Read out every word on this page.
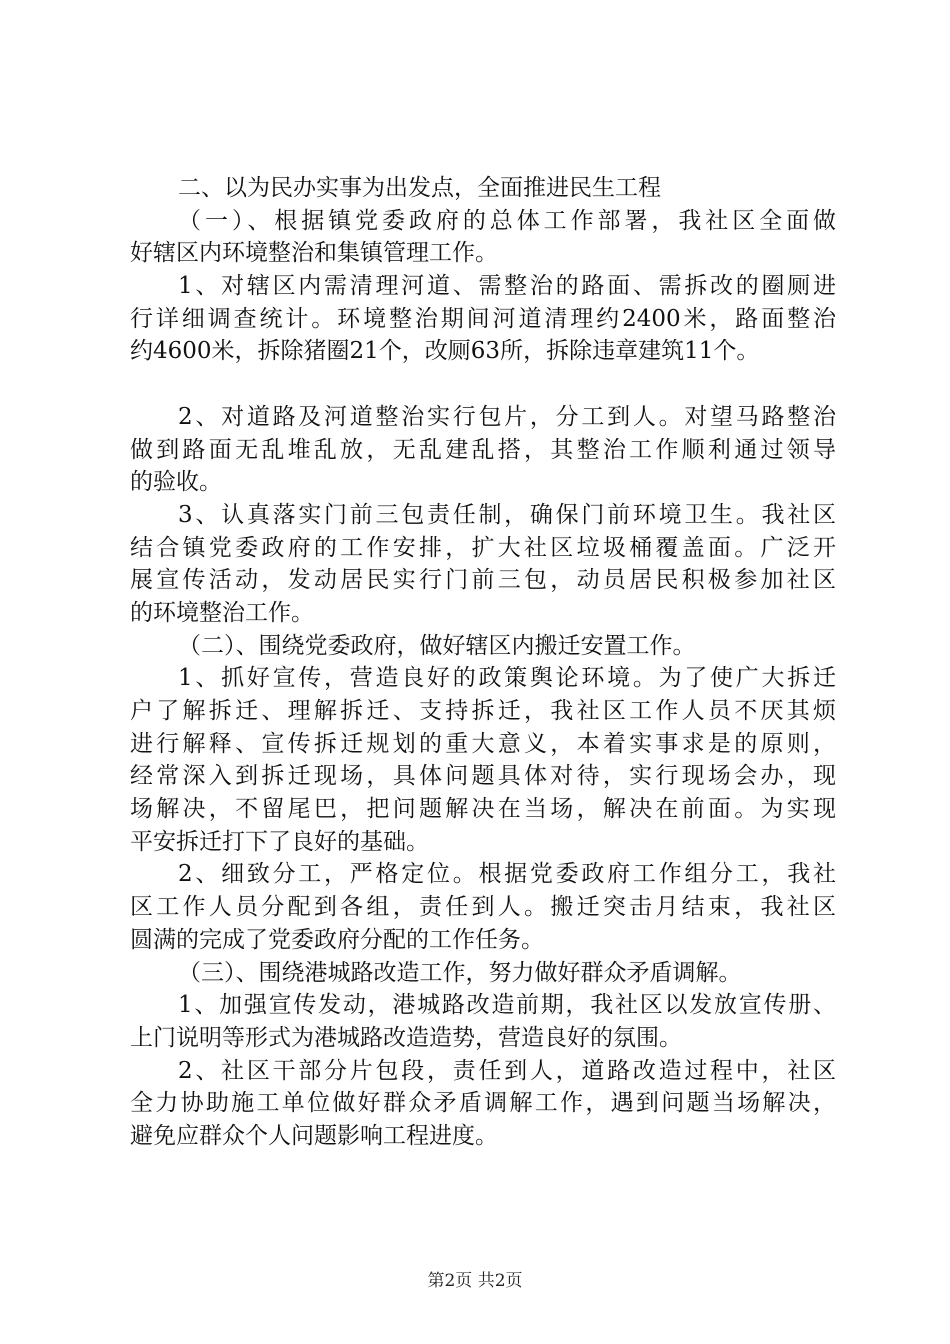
二、以为民办实事为出发点，全面推进民生工程
（一）、根据镇党委政府的总体工作部署，我社区全面做
好辖区内环境整治和集镇管理工作。
1、对辖区内需清理河道、需整治的路面、需拆改的圈厕进
行详细调查统计。环境整治期间河道清理约2400米，路面整治
约4600米，拆除猪圈21个，改厕63所，拆除违章建筑11个。
2、对道路及河道整治实行包片，分工到人。对望马路整治
做到路面无乱堆乱放，无乱建乱搭，其整治工作顺利通过领导
的验收。
3、认真落实门前三包责任制，确保门前环境卫生。我社区
结合镇党委政府的工作安排，扩大社区垃圾桶覆盖面。广泛开
展宣传活动，发动居民实行门前三包，动员居民积极参加社区
的环境整治工作。
（二）、围绕党委政府，做好辖区内搬迁安置工作。
1、抓好宣传，营造良好的政策舆论环境。为了使广大拆迁
户了解拆迁、理解拆迁、支持拆迁，我社区工作人员不厌其烦
进行解释、宣传拆迁规划的重大意义，本着实事求是的原则，
经常深入到拆迁现场，具体问题具体对待，实行现场会办，现
场解决，不留尾巴，把问题解决在当场，解决在前面。为实现
平安拆迁打下了良好的基础。
2、细致分工，严格定位。根据党委政府工作组分工，我社
区工作人员分配到各组，责任到人。搬迁突击月结束，我社区
圆满的完成了党委政府分配的工作任务。
（三）、围绕港城路改造工作，努力做好群众矛盾调解。
1、加强宣传发动，港城路改造前期，我社区以发放宣传册、
上门说明等形式为港城路改造造势，营造良好的氛围。
2、社区干部分片包段，责任到人，道路改造过程中，社区
全力协助施工单位做好群众矛盾调解工作，遇到问题当场解决，
避免应群众个人问题影响工程进度。
第2页 共2页
